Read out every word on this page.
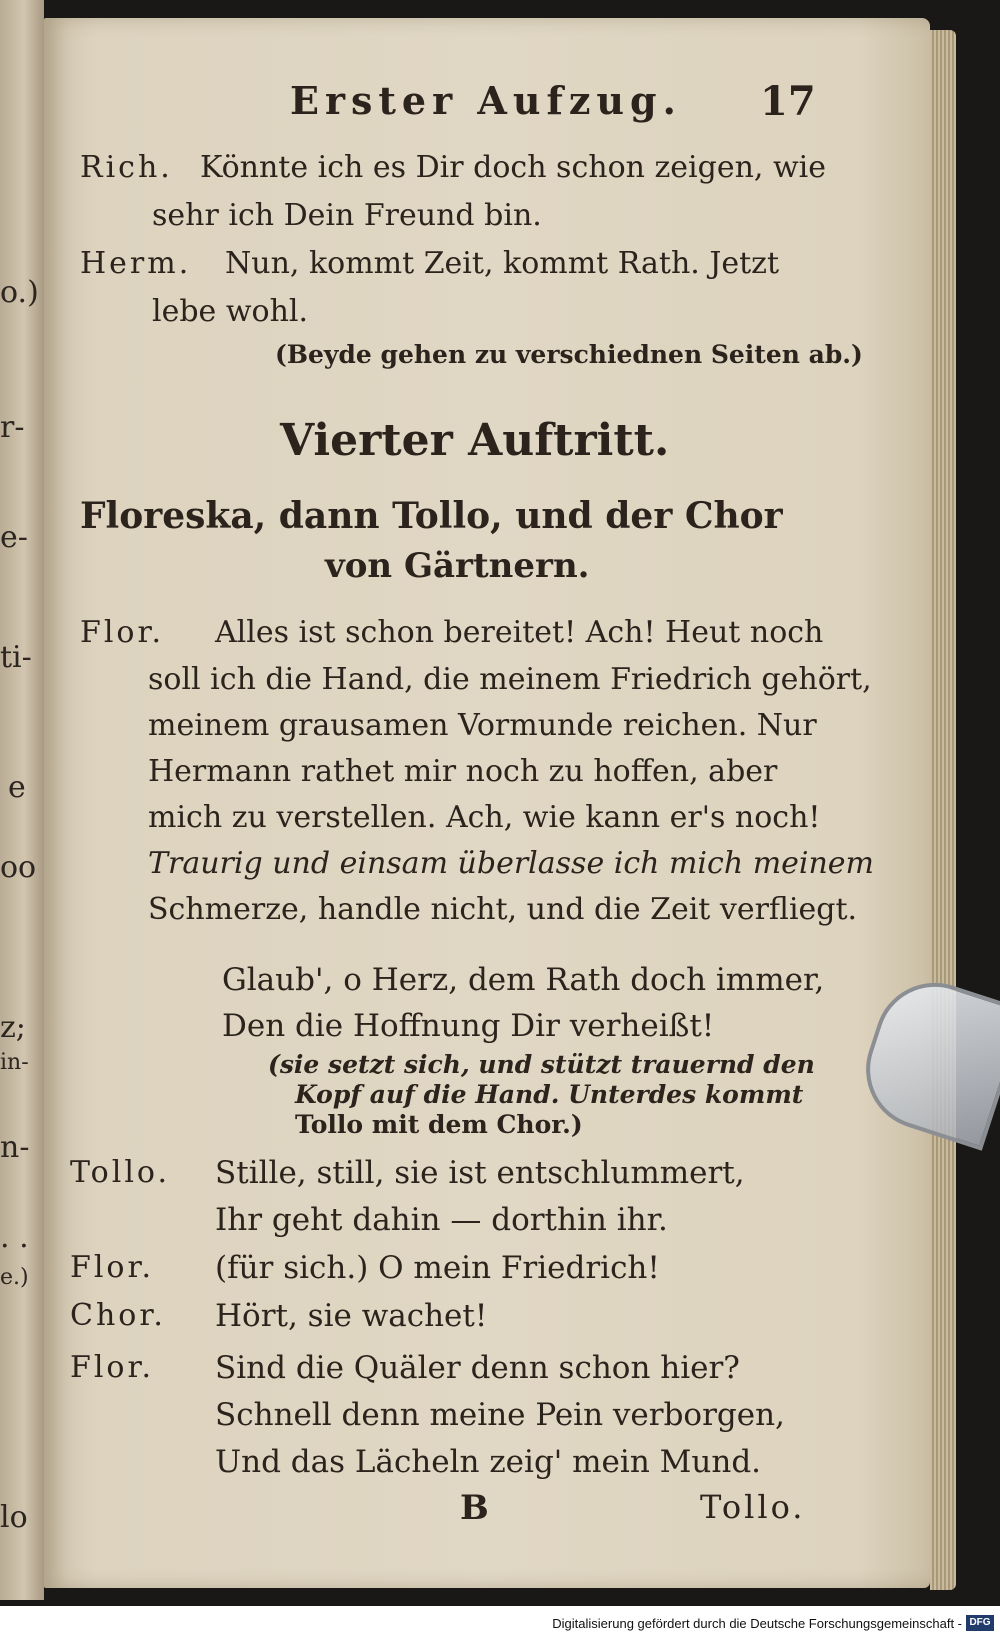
o.)
r-
e-
ti-
e
oo
z;
in-
n-
. .
e.)
lo
Erster Aufzug. 17
Rich. Könnte ich es Dir doch schon zeigen, wie
sehr ich Dein Freund bin.
Herm. Nun, kommt Zeit, kommt Rath. Jetzt
lebe wohl.
(Beyde gehen zu verschiednen Seiten ab.)
Vierter Auftritt.
Floreska, dann Tollo, und der Chor
von Gärtnern.
Flor. Alles ist schon bereitet! Ach! Heut noch
soll ich die Hand, die meinem Friedrich gehört,
meinem grausamen Vormunde reichen. Nur
Hermann rathet mir noch zu hoffen, aber
mich zu verstellen. Ach, wie kann er's noch!
Traurig und einsam überlasse ich mich meinem
Schmerze, handle nicht, und die Zeit verfliegt.
Glaub', o Herz, dem Rath doch immer,
Den die Hoffnung Dir verheißt!
(sie setzt sich, und stützt trauernd den
Kopf auf die Hand. Unterdes kommt
Tollo mit dem Chor.)
Tollo. Stille, still, sie ist entschlummert,
Ihr geht dahin — dorthin ihr.
Flor. (für sich.) O mein Friedrich!
Chor. Hört, sie wachet!
Flor. Sind die Quäler denn schon hier?
Schnell denn meine Pein verborgen,
Und das Lächeln zeig' mein Mund.
B	Tollo.
Digitalisierung gefördert durch die Deutsche Forschungsgemeinschaft - DFG
